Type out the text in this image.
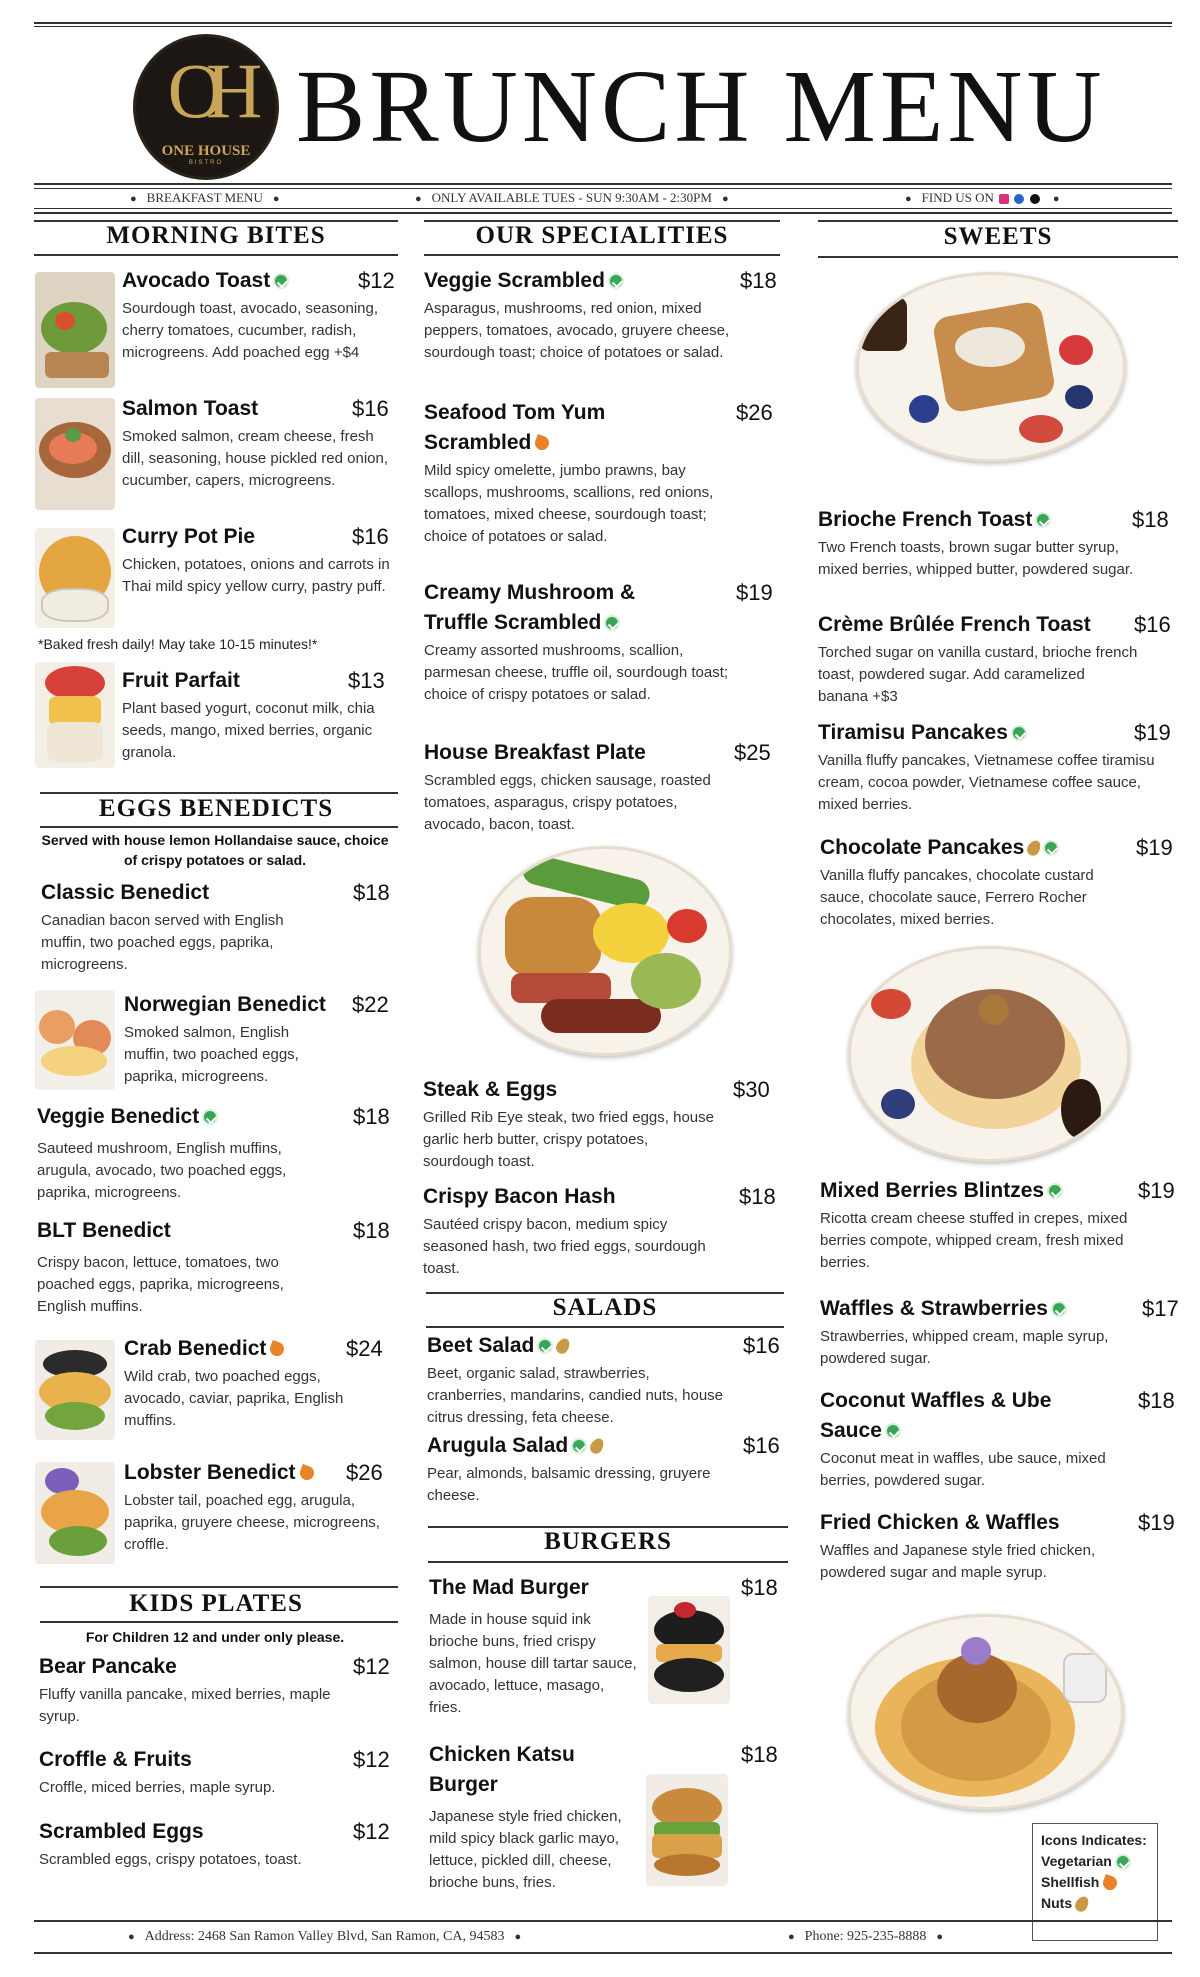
OH
ONE HOUSE
BISTRO BRUNCH MENU
● BREAKFAST MENU ●	● ONLY AVAILABLE TUES - SUN 9:30AM - 2:30PM ●	● FIND US ON	●
MORNING BITES
Avocado Toast	$12
Sourdough toast, avocado, seasoning, cherry tomatoes, cucumber, radish, microgreens. Add poached egg +$4
Salmon Toast	$16
Smoked salmon, cream cheese, fresh dill, seasoning, house pickled red onion, cucumber, capers, microgreens.
Curry Pot Pie	$16
Chicken, potatoes, onions and carrots in Thai mild spicy yellow curry, pastry puff.
*Baked fresh daily! May take 10-15 minutes!*
Fruit Parfait	$13
Plant based yogurt, coconut milk, chia seeds, mango, mixed berries, organic granola.
EGGS BENEDICTS
Served with house lemon Hollandaise sauce, choice of crispy potatoes or salad.
Classic Benedict	$18
Canadian bacon served with English muffin, two poached eggs, paprika, microgreens.
Norwegian Benedict	$22
Smoked salmon, English muffin, two poached eggs, paprika, microgreens.
Veggie Benedict	$18
Sauteed mushroom, English muffins, arugula, avocado, two poached eggs, paprika, microgreens.
BLT Benedict	$18
Crispy bacon, lettuce, tomatoes, two poached eggs, paprika, microgreens, English muffins.
Crab Benedict	$24
Wild crab, two poached eggs, avocado, caviar, paprika, English muffins.
Lobster Benedict	$26
Lobster tail, poached egg, arugula, paprika, gruyere cheese, microgreens, croffle.
KIDS PLATES
For Children 12 and under only please.
Bear Pancake	$12
Fluffy vanilla pancake, mixed berries, maple syrup.
Croffle & Fruits	$12
Croffle, miced berries, maple syrup.
Scrambled Eggs	$12
Scrambled eggs, crispy potatoes, toast.
OUR SPECIALITIES
Veggie Scrambled	$18
Asparagus, mushrooms, red onion, mixed peppers, tomatoes, avocado, gruyere cheese, sourdough toast; choice of potatoes or salad.
Seafood Tom Yum
Scrambled
$26
Mild spicy omelette, jumbo prawns, bay scallops, mushrooms, scallions, red onions, tomatoes, mixed cheese, sourdough toast; choice of potatoes or salad.
Creamy Mushroom &
Truffle Scrambled
$19
Creamy assorted mushrooms, scallion, parmesan cheese, truffle oil, sourdough toast; choice of crispy potatoes or salad.
House Breakfast Plate	$25
Scrambled eggs, chicken sausage, roasted tomatoes, asparagus, crispy potatoes, avocado, bacon, toast.
Steak & Eggs	$30
Grilled Rib Eye steak, two fried eggs, house garlic herb butter, crispy potatoes, sourdough toast.
Crispy Bacon Hash	$18
Sautéed crispy bacon, medium spicy seasoned hash, two fried eggs, sourdough toast.
SALADS
Beet Salad	$16
Beet, organic salad, strawberries, cranberries, mandarins, candied nuts, house citrus dressing, feta cheese.
Arugula Salad	$16
Pear, almonds, balsamic dressing, gruyere cheese.
BURGERS
The Mad Burger	$18
Made in house squid ink brioche buns, fried crispy salmon, house dill tartar sauce, avocado, lettuce, masago, fries.
Chicken Katsu
Burger
$18
Japanese style fried chicken, mild spicy black garlic mayo, lettuce, pickled dill, cheese, brioche buns, fries.
SWEETS
Brioche French Toast	$18
Two French toasts, brown sugar butter syrup, mixed berries, whipped butter, powdered sugar.
Crème Brûlée French Toast	$16
Torched sugar on vanilla custard, brioche french toast, powdered sugar. Add caramelized banana +$3
Tiramisu Pancakes	$19
Vanilla fluffy pancakes, Vietnamese coffee tiramisu cream, cocoa powder, Vietnamese coffee sauce, mixed berries.
Chocolate Pancakes	$19
Vanilla fluffy pancakes, chocolate custard sauce, chocolate sauce, Ferrero Rocher chocolates, mixed berries.
Mixed Berries Blintzes	$19
Ricotta cream cheese stuffed in crepes, mixed berries compote, whipped cream, fresh mixed berries.
Waffles & Strawberries	$17
Strawberries, whipped cream, maple syrup, powdered sugar.
Coconut Waffles & Ube
Sauce
$18
Coconut meat in waffles, ube sauce, mixed berries, powdered sugar.
Fried Chicken & Waffles	$19
Waffles and Japanese style fried chicken, powdered sugar and maple syrup.
Icons Indicates:
Vegetarian
Shellfish
Nuts
● Address: 2468 San Ramon Valley Blvd, San Ramon, CA, 94583 ●	● Phone: 925-235-8888 ●
